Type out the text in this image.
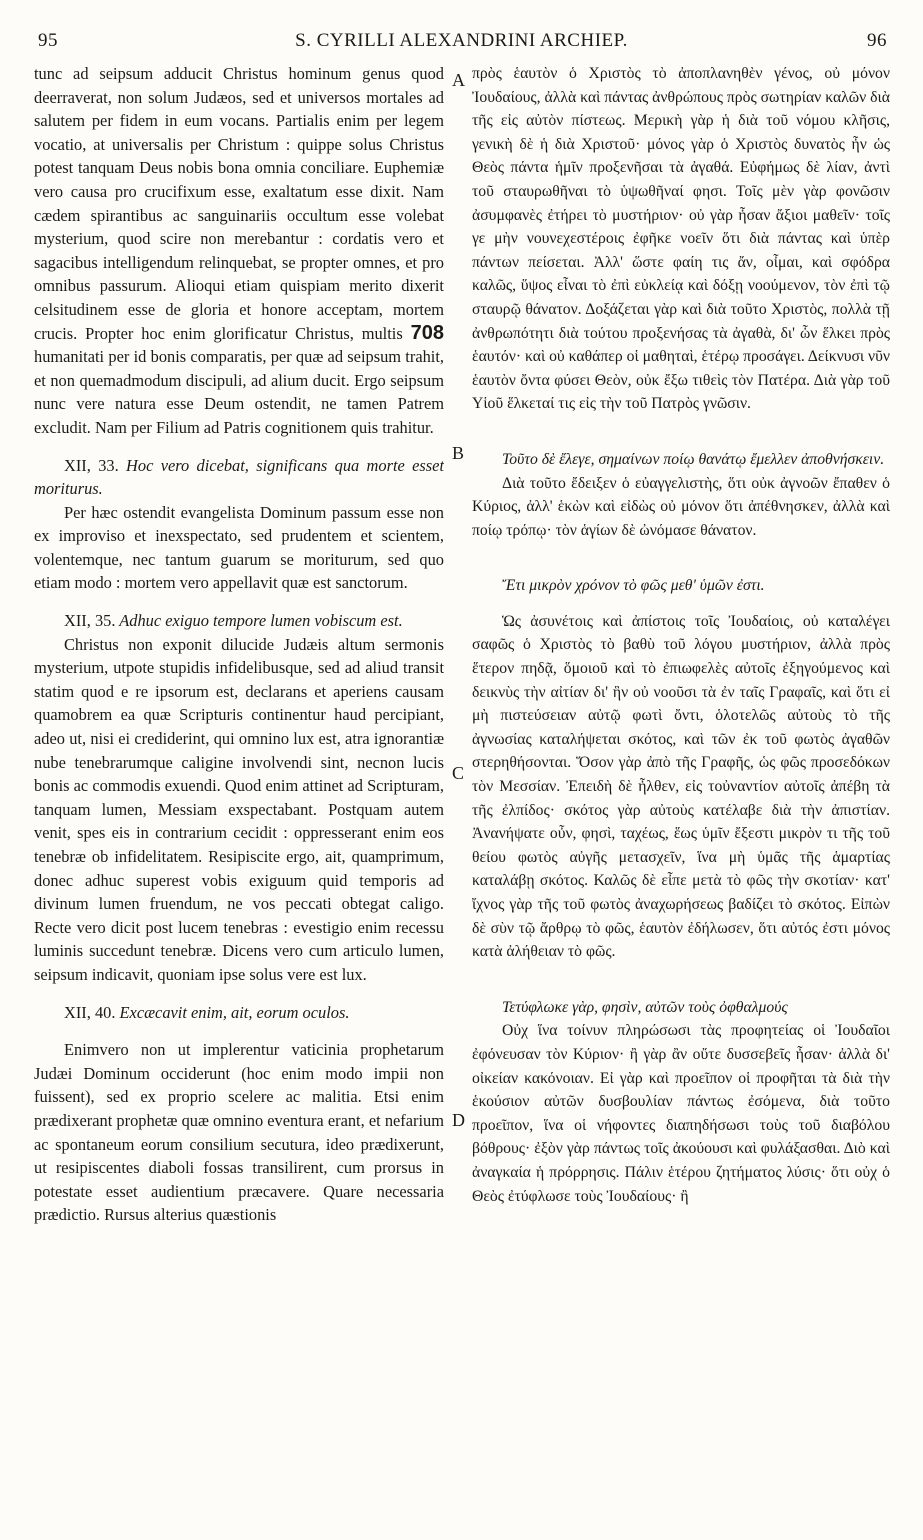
95	S. CYRILLI ALEXANDRINI ARCHIEP.	96
A
B
C
D

tunc ad seipsum adducit Christus hominum genus quod deerraverat, non solum Judæos, sed et universos mortales ad salutem per fidem in eum vocans. Partialis enim per legem vocatio, at universalis per Christum : quippe solus Christus potest tanquam Deus nobis bona omnia conciliare. Euphemiæ vero causa pro crucifixum esse, exaltatum esse dixit. Nam cædem spirantibus ac sanguinariis occultum esse volebat mysterium, quod scire non merebantur : cordatis vero et sagacibus intelligendum relinquebat, se propter omnes, et pro omnibus passurum. Alioqui etiam quispiam merito dixerit celsitudinem esse de gloria et honore acceptam, mortem crucis. Propter hoc enim glorificatur Christus, multis 708 humanitati per id bonis comparatis, per quæ ad seipsum trahit, et non quemadmodum discipuli, ad alium ducit. Ergo seipsum nunc vere natura esse Deum ostendit, ne tamen Patrem excludit. Nam per Filium ad Patris cognitionem quis trahitur.

XII, 33. Hoc vero dicebat, significans qua morte esset moriturus.

Per hæc ostendit evangelista Dominum passum esse non ex improviso et inexspectato, sed prudentem et scientem, volentemque, nec tantum guarum se moriturum, sed quo etiam modo : mortem vero appellavit quæ est sanctorum.

XII, 35. Adhuc exiguo tempore lumen vobiscum est.

Christus non exponit dilucide Judæis altum sermonis mysterium, utpote stupidis infidelibusque, sed ad aliud transit statim quod e re ipsorum est, declarans et aperiens causam quamobrem ea quæ Scripturis continentur haud percipiant, adeo ut, nisi ei crediderint, qui omnino lux est, atra ignorantiæ nube tenebrarumque caligine involvendi sint, necnon lucis bonis ac commodis exuendi. Quod enim attinet ad Scripturam, tanquam lumen, Messiam exspectabant. Postquam autem venit, spes eis in contrarium cecidit : oppresserant enim eos tenebræ ob infidelitatem. Resipiscite ergo, ait, quamprimum, donec adhuc superest vobis exiguum quid temporis ad divinum lumen fruendum, ne vos peccati obtegat caligo. Recte vero dicit post lucem tenebras : evestigio enim recessu luminis succedunt tenebræ. Dicens vero cum articulo lumen, seipsum indicavit, quoniam ipse solus vere est lux.

XII, 40. Excæcavit enim, ait, eorum oculos.

Enimvero non ut implerentur vaticinia prophetarum Judæi Dominum occiderunt (hoc enim modo impii non fuissent), sed ex proprio scelere ac malitia. Etsi enim prædixerant prophetæ quæ omnino eventura erant, et nefarium ac spontaneum eorum consilium secutura, ideo prædixerunt, ut resipiscentes diaboli fossas transilirent, cum prorsus in potestate esset audientium præcavere. Quare necessaria prædictio. Rursus alterius quæstionis

πρὸς ἑαυτὸν ὁ Χριστὸς τὸ ἀποπλανηθὲν γένος, οὐ μόνον Ἰουδαίους, ἀλλὰ καὶ πάντας ἀνθρώπους πρὸς σωτηρίαν καλῶν διὰ τῆς εἰς αὐτὸν πίστεως. Μερικὴ γὰρ ἡ διὰ τοῦ νόμου κλῆσις, γενικὴ δὲ ἡ διὰ Χριστοῦ· μόνος γὰρ ὁ Χριστὸς δυνατὸς ἦν ὡς Θεὸς πάντα ἡμῖν προξενῆσαι τὰ ἀγαθά. Εὐφήμως δὲ λίαν, ἀντὶ τοῦ σταυρωθῆναι τὸ ὑψωθῆναί φησι. Τοῖς μὲν γὰρ φονῶσιν ἀσυμφανὲς ἐτήρει τὸ μυστήριον· οὐ γὰρ ἦσαν ἄξιοι μαθεῖν· τοῖς γε μὴν νουνεχεστέροις ἐφῆκε νοεῖν ὅτι διὰ πάντας καὶ ὑπὲρ πάντων πείσεται. Ἀλλ' ὥστε φαίη τις ἄν, οἶμαι, καὶ σφόδρα καλῶς, ὕψος εἶναι τὸ ἐπὶ εὐκλείᾳ καὶ δόξῃ νοούμενον, τὸν ἐπὶ τῷ σταυρῷ θάνατον. Δοξάζεται γὰρ καὶ διὰ τοῦτο Χριστὸς, πολλὰ τῇ ἀνθρωπότητι διὰ τούτου προξενήσας τὰ ἀγαθὰ, δι' ὧν ἕλκει πρὸς ἑαυτόν· καὶ οὐ καθάπερ οἱ μαθηταὶ, ἑτέρῳ προσάγει. Δείκνυσι νῦν ἑαυτὸν ὄντα φύσει Θεὸν, οὐκ ἔξω τιθεὶς τὸν Πατέρα. Διὰ γὰρ τοῦ Υἱοῦ ἕλκεταί τις εἰς τὴν τοῦ Πατρὸς γνῶσιν.

Τοῦτο δὲ ἔλεγε, σημαίνων ποίῳ θανάτῳ ἔμελλεν ἀποθνήσκειν.

Διὰ τοῦτο ἔδειξεν ὁ εὐαγγελιστὴς, ὅτι οὐκ ἀγνοῶν ἔπαθεν ὁ Κύριος, ἀλλ' ἑκὼν καὶ εἰδὼς οὐ μόνον ὅτι ἀπέθνησκεν, ἀλλὰ καὶ ποίῳ τρόπῳ· τὸν ἁγίων δὲ ὠνόμασε θάνατον.

Ἔτι μικρὸν χρόνον τὸ φῶς μεθ' ὑμῶν ἐστι.

Ὡς ἀσυνέτοις καὶ ἀπίστοις τοῖς Ἰουδαίοις, οὐ καταλέγει σαφῶς ὁ Χριστὸς τὸ βαθὺ τοῦ λόγου μυστήριον, ἀλλὰ πρὸς ἕτερον πηδᾷ, ὅμοιοῦ καὶ τὸ ἐπιωφελὲς αὐτοῖς ἐξηγούμενος καὶ δεικνὺς τὴν αἰτίαν δι' ἣν οὐ νοοῦσι τὰ ἐν ταῖς Γραφαῖς, καὶ ὅτι εἰ μὴ πιστεύσειαν αὐτῷ φωτὶ ὄντι, ὁλοτελῶς αὐτοὺς τὸ τῆς ἀγνωσίας καταλήψεται σκότος, καὶ τῶν ἐκ τοῦ φωτὸς ἀγαθῶν στερηθήσονται. Ὅσον γὰρ ἀπὸ τῆς Γραφῆς, ὡς φῶς προσεδόκων τὸν Μεσσίαν. Ἐπειδὴ δὲ ἦλθεν, εἰς τοὐναντίον αὐτοῖς ἀπέβη τὰ τῆς ἐλπίδος· σκότος γὰρ αὐτοὺς κατέλαβε διὰ τὴν ἀπιστίαν. Ἀνανήψατε οὖν, φησὶ, ταχέως, ἕως ὑμῖν ἔξεστι μικρὸν τι τῆς τοῦ θείου φωτὸς αὐγῆς μετασχεῖν, ἵνα μὴ ὑμᾶς τῆς ἁμαρτίας καταλάβῃ σκότος. Καλῶς δὲ εἶπε μετὰ τὸ φῶς τὴν σκοτίαν· κατ' ἴχνος γὰρ τῆς τοῦ φωτὸς ἀναχωρήσεως βαδίζει τὸ σκότος. Εἰπὼν δὲ σὺν τῷ ἄρθρῳ τὸ φῶς, ἑαυτὸν ἐδήλωσεν, ὅτι αὐτός ἐστι μόνος κατὰ ἀλήθειαν τὸ φῶς.

Τετύφλωκε γὰρ, φησὶν, αὐτῶν τοὺς ὀφθαλμούς

Οὐχ ἵνα τοίνυν πληρώσωσι τὰς προφητείας οἱ Ἰουδαῖοι ἐφόνευσαν τὸν Κύριον· ἢ γὰρ ἂν οὔτε δυσσεβεῖς ἦσαν· ἀλλὰ δι' οἰκείαν κακόνοιαν. Εἰ γὰρ καὶ προεῖπον οἱ προφῆται τὰ διὰ τὴν ἑκούσιον αὐτῶν δυσβουλίαν πάντως ἐσόμενα, διὰ τοῦτο προεῖπον, ἵνα οἱ νήφοντες διαπηδήσωσι τοὺς τοῦ διαβόλου βόθρους· ἐξὸν γὰρ πάντως τοῖς ἀκούουσι καὶ φυλάξασθαι. Διὸ καὶ ἀναγκαία ἡ πρόρρησις. Πάλιν ἑτέρου ζητήματος λύσις· ὅτι οὐχ ὁ Θεὸς ἐτύφλωσε τοὺς Ἰουδαίους· ἢ
